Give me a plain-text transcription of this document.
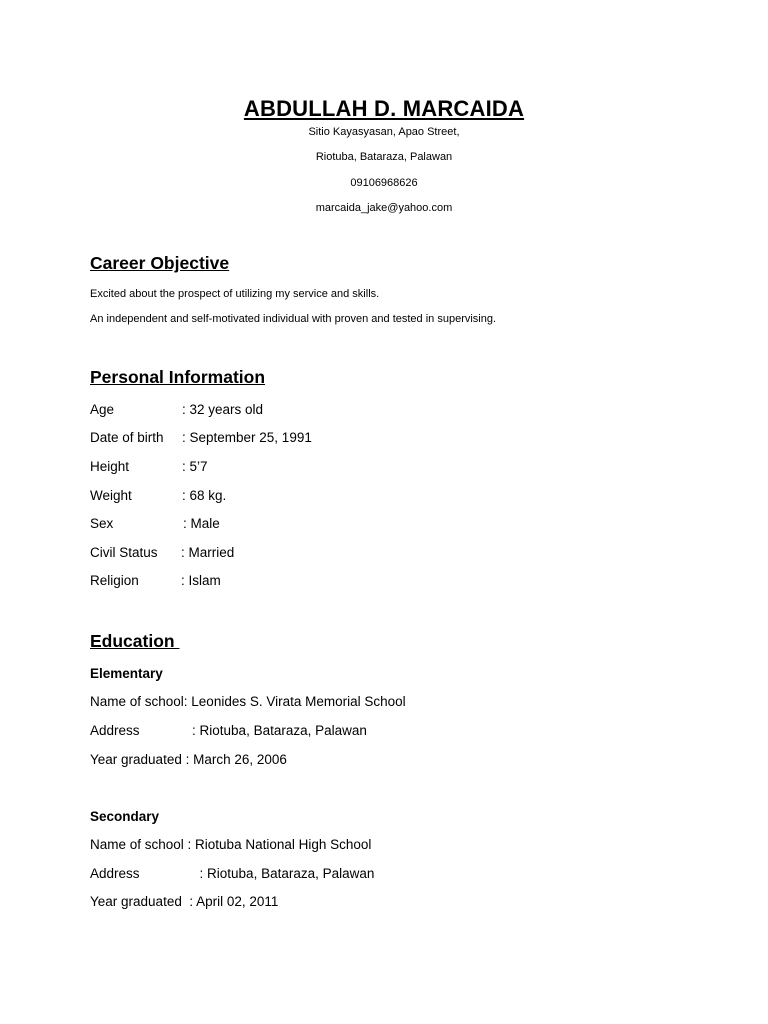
ABDULLAH D. MARCAIDA

Sitio Kayasyasan, Apao Street,

Riotuba, Bataraza, Palawan

09106968626

marcaida_jake@yahoo.com

Career Objective

Excited about the prospect of utilizing my service and skills.

An independent and self-motivated individual with proven and tested in supervising.

Personal Information

Age	: 32 years old
Date of birth : September 25, 1991
Height	: 5’7
Weight	: 68 kg.
Sex	: Male
Civil Status : Married
Religion	: Islam

Education

Elementary
Name of school: Leonides S. Virata Memorial School
Address              : Riotuba, Bataraza, Palawan
Year graduated : March 26, 2006
Secondary
Name of school : Riotuba National High School
Address                : Riotuba, Bataraza, Palawan
Year graduated  : April 02, 2011
